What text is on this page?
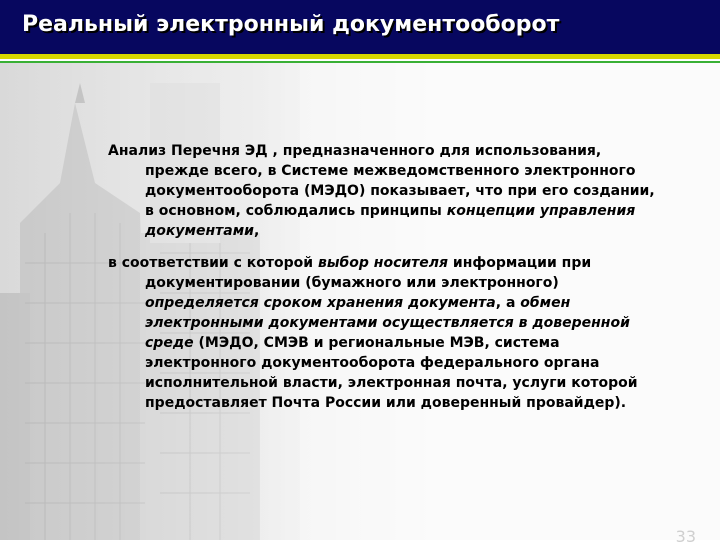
Реальный электронный документооборот

Анализ Перечня ЭД , предназначенного для использования, прежде всего, в Системе межведомственного электронного документооборота (МЭДО) показывает, что при его создании, в основном, соблюдались принципы концепции управления документами,

в соответствии с которой выбор носителя информации при документировании (бумажного или электронного) определяется сроком хранения документа, а обмен электронными документами осуществляется в доверенной среде (МЭДО, СМЭВ и региональные МЭВ, система электронного документооборота федерального органа исполнительной власти, электронная почта, услуги которой предоставляет Почта России или доверенный провайдер).

33
